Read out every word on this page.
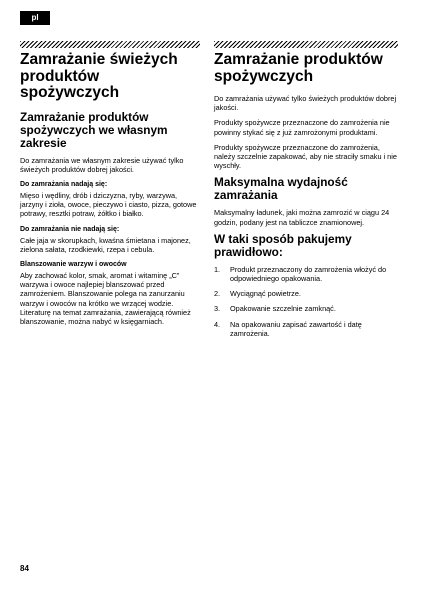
pl
Zamrażanie świeżych produktów spożywczych
Zamrażanie produktów spożywczych we własnym zakresie

Do zamrażania we własnym zakresie używać tylko świeżych produktów dobrej jakości.

Do zamrażania nadają się:

Mięso i wędliny, drób i dziczyzna, ryby, warzywa, jarzyny i zioła, owoce, pieczywo i ciasto, pizza, gotowe potrawy, resztki potraw, żółtko i białko.

Do zamrażania nie nadają się:

Całe jaja w skorupkach, kwaśna śmietana i majonez, zielona sałata, rzodkiewki, rzepa i cebula.

Blanszowanie warzyw i owoców

Aby zachować kolor, smak, aromat i witaminę „C” warzywa i owoce najlepiej blanszować przed zamrożeniem. Blanszowanie polega na zanurzaniu warzyw i owoców na krótko we wrzącej wodzie.

Literaturę na temat zamrażania, zawierającą również blanszowanie, można nabyć w księgarniach.

Zamrażanie produktów spożywczych

Do zamrażania używać tylko świeżych produktów dobrej jakości.

Produkty spożywcze przeznaczone do zamrożenia nie powinny stykać się z już zamrożonymi produktami.

Produkty spożywcze przeznaczone do zamrożenia, należy szczelnie zapakować, aby nie straciły smaku i nie wyschły.

Maksymalna wydajność zamrażania

Maksymalny ładunek, jaki można zamrozić w ciągu 24 godzin, podany jest na tabliczce znamionowej.

W taki sposób pakujemy prawidłowo:
1.	Produkt przeznaczony do zamrożenia włożyć do odpowiedniego opakowania.
2.	Wyciągnąć powietrze.
3.	Opakowanie szczelnie zamknąć.
4.	Na opakowaniu zapisać zawartość i datę zamrożenia.
84
